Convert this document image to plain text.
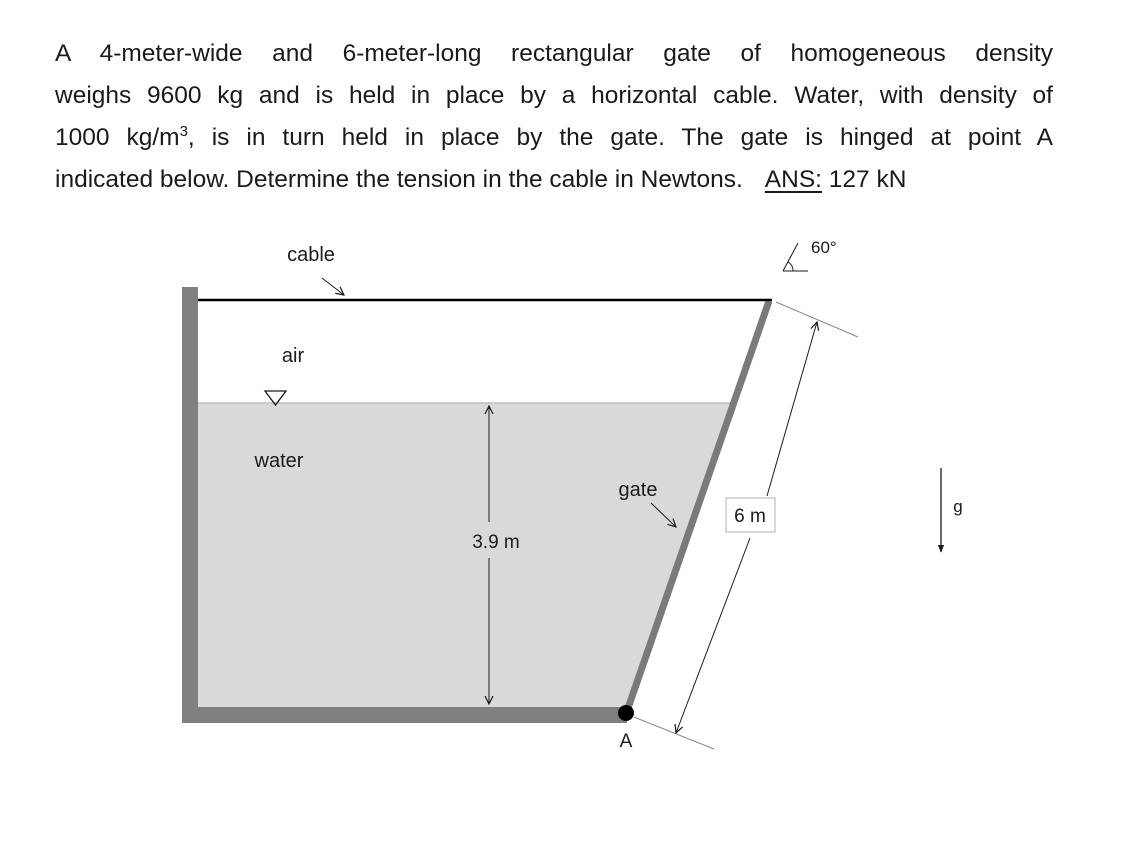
A 4-meter-wide and 6-meter-long rectangular gate of homogeneous density
weighs 9600 kg and is held in place by a horizontal cable. Water, with density of
1000 $kg/m^3$, is in turn held in place by the gate. The gate is hinged at point A
indicated below. Determine the tension in the cable in Newtons. ANS: 127 kN
6 m
3.9 m
cable
air
water
gate
A
60°
g
